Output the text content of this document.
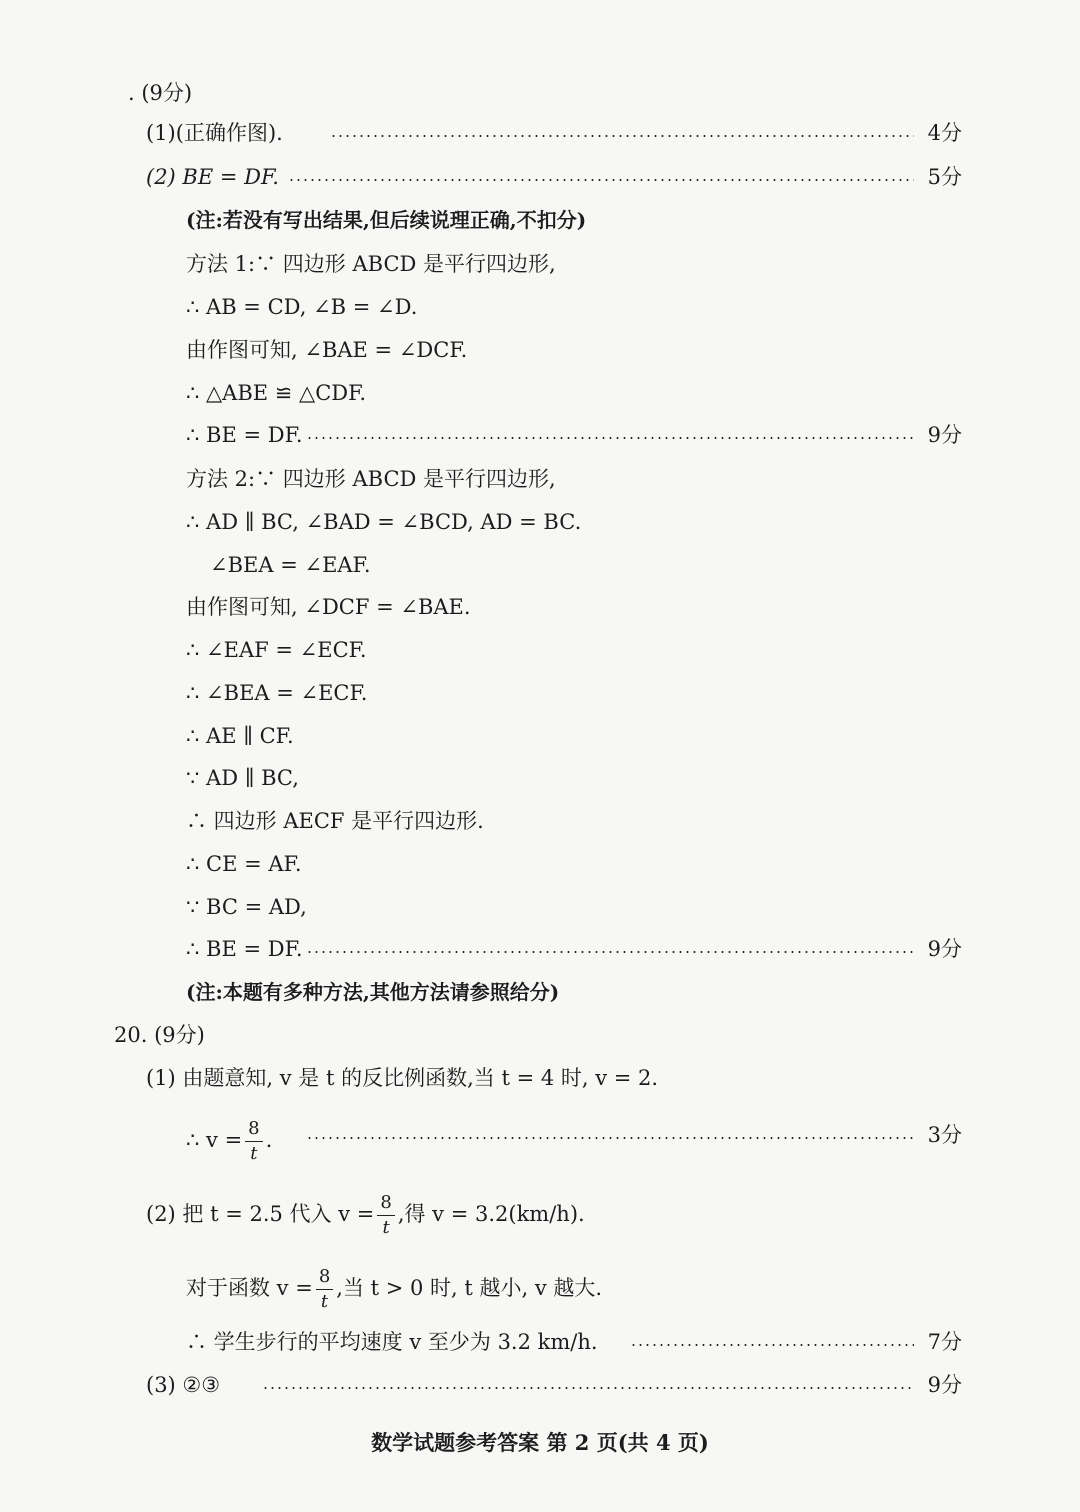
. (9分)
(1)(正确作图).	4分
(2) BE = DF.	5分
(注:若没有写出结果,但后续说理正确,不扣分)
方法 1:∵ 四边形 ABCD 是平行四边形,
∴ AB = CD, ∠B = ∠D.
由作图可知, ∠BAE = ∠DCF.
∴ △ABE ≌ △CDF.
∴ BE = DF.	9分
方法 2:∵ 四边形 ABCD 是平行四边形,
∴ AD ∥ BC, ∠BAD = ∠BCD, AD = BC.
∠BEA = ∠EAF.
由作图可知, ∠DCF = ∠BAE.
∴ ∠EAF = ∠ECF.
∴ ∠BEA = ∠ECF.
∴ AE ∥ CF.
∵ AD ∥ BC,
∴ 四边形 AECF 是平行四边形.
∴ CE = AF.
∵ BC = AD,
∴ BE = DF.	9分
(注:本题有多种方法,其他方法请参照给分)
20. (9分)
(1) 由题意知, v 是 t 的反比例函数,当 t = 4 时, v = 2.
∴ $v = \frac{8}{t}$ .	3分
(2) 把 t = 2.5 代入 $v = \frac{8}{t}$ ,得 v = 3.2(km/h).
对于函数 $v = \frac{8}{t}$ ,当 t > 0 时, t 越小, v 越大.
∴ 学生步行的平均速度 v 至少为 3.2 km/h.	7分
(3) ②③	9分
数学试题参考答案 第 2 页(共 4 页)
